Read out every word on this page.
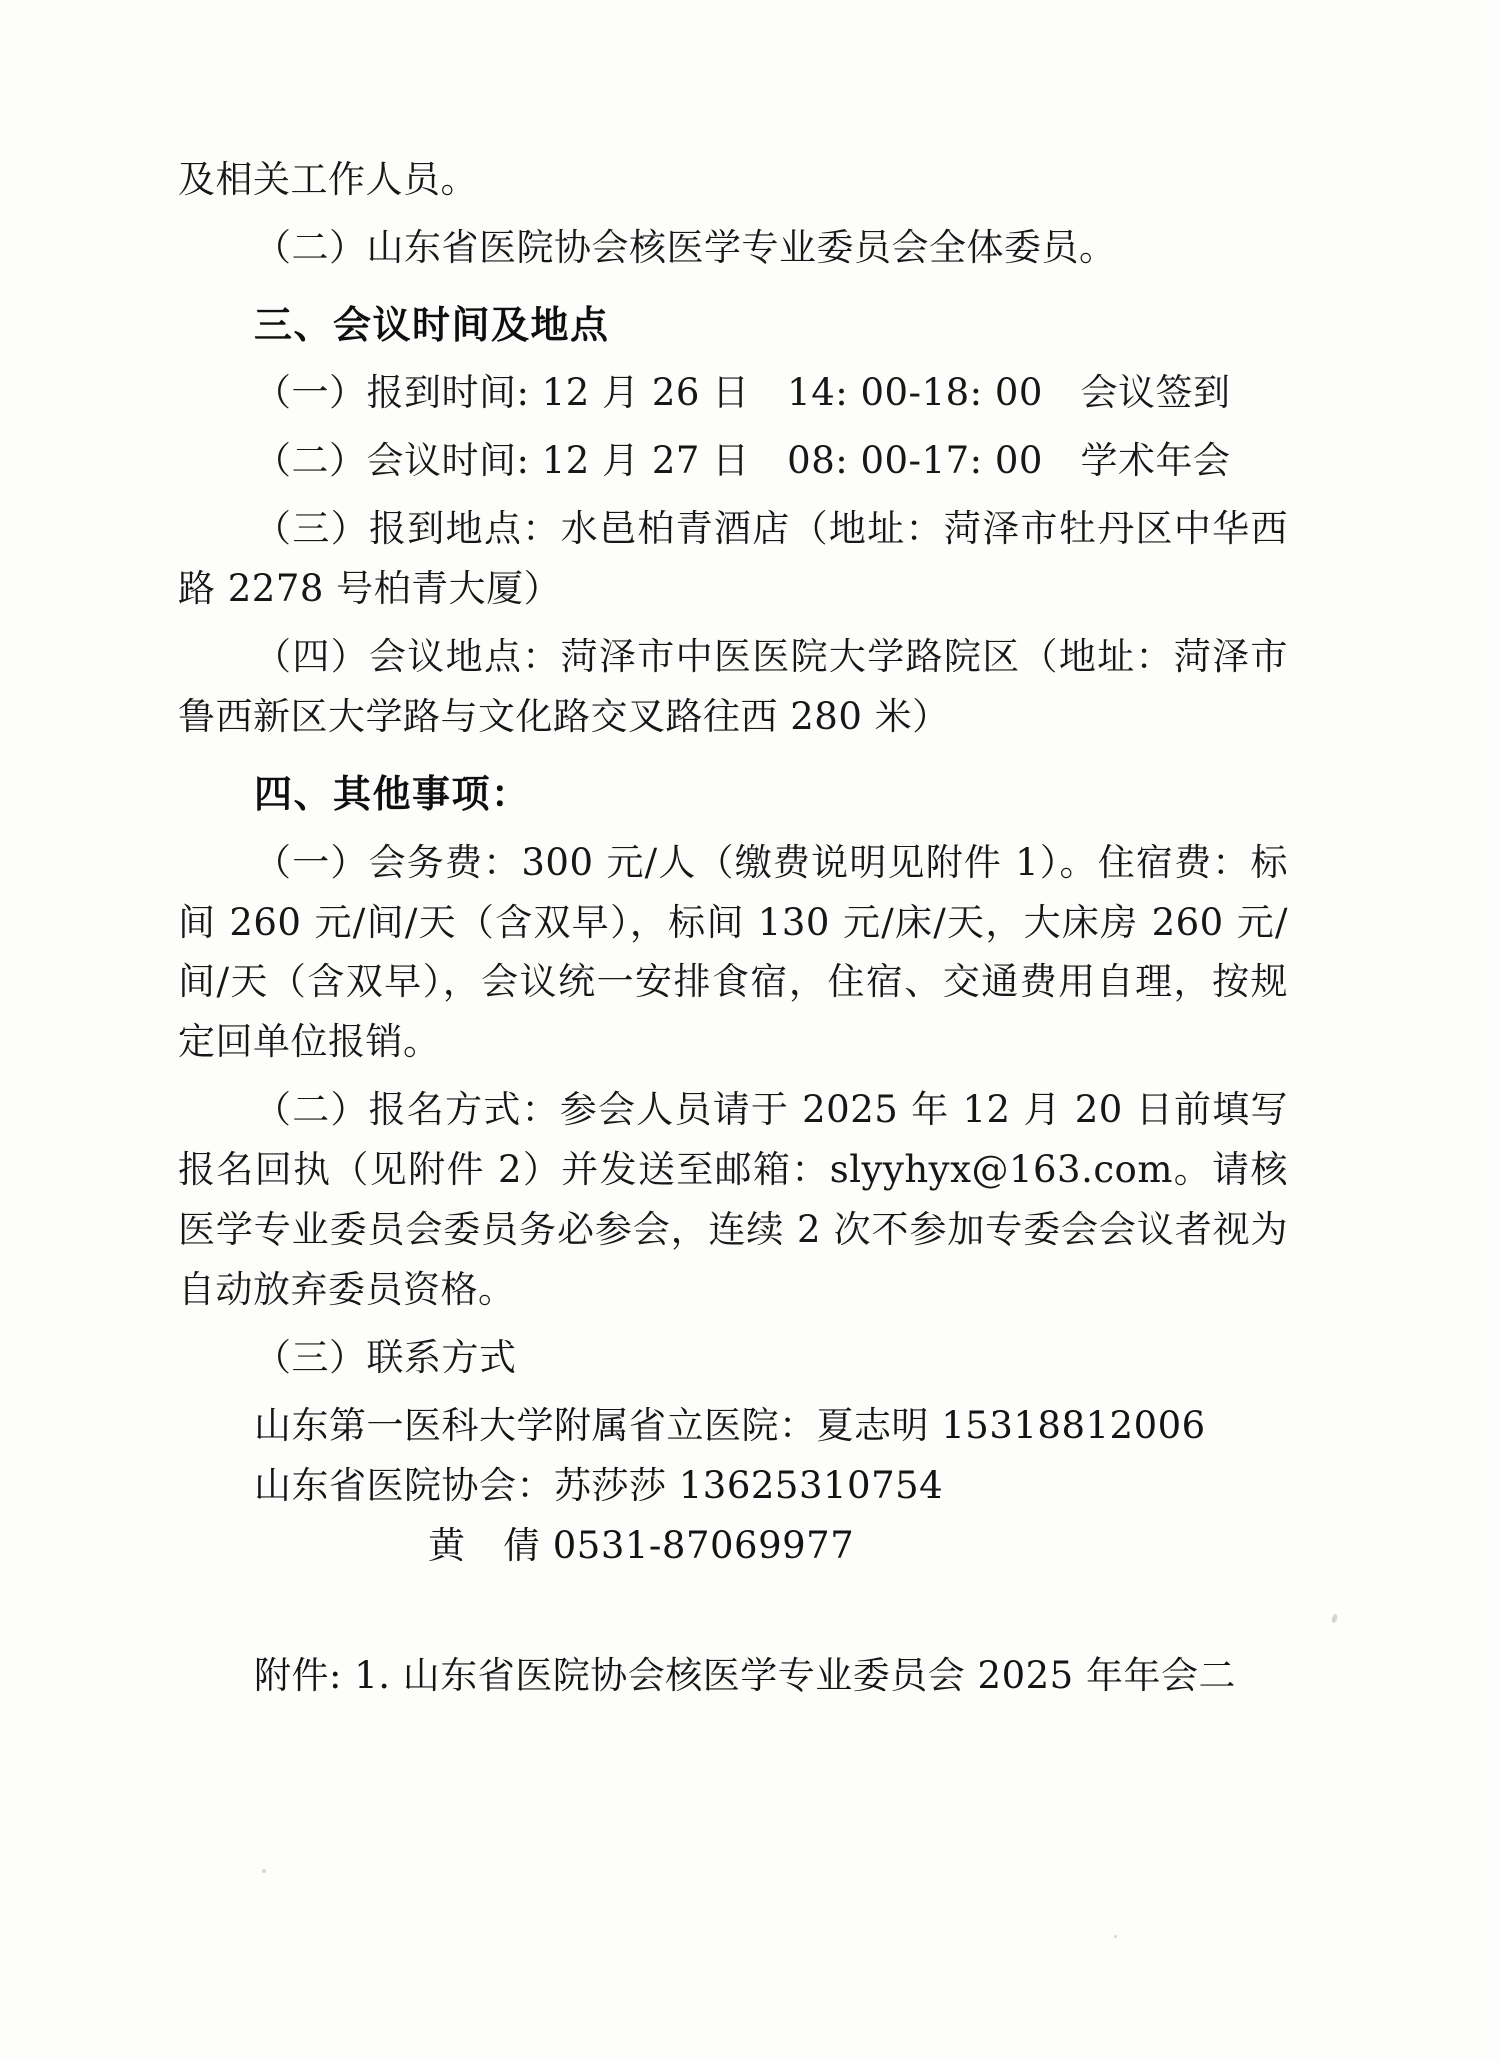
及相关工作人员。

（二）山东省医院协会核医学专业委员会全体委员。

三、会议时间及地点

（一）报到时间: 12 月 26 日　14: 00-18: 00　会议签到

（二）会议时间: 12 月 27 日　08: 00-17: 00　学术年会

（三）报到地点：水邑柏青酒店（地址：菏泽市牡丹区中华西路 2278 号柏青大厦）

（四）会议地点：菏泽市中医医院大学路院区（地址：菏泽市鲁西新区大学路与文化路交叉路往西 280 米）

四、其他事项：

（一）会务费：300 元/人（缴费说明见附件 1）。住宿费：标间 260 元/间/天（含双早），标间 130 元/床/天，大床房 260 元/间/天（含双早），会议统一安排食宿，住宿、交通费用自理，按规定回单位报销。

（二）报名方式：参会人员请于 2025 年 12 月 20 日前填写报名回执（见附件 2）并发送至邮箱：slyyhyx@163.com。请核医学专业委员会委员务必参会，连续 2 次不参加专委会会议者视为自动放弃委员资格。

（三）联系方式

山东第一医科大学附属省立医院：夏志明 15318812006

山东省医院协会：苏莎莎 13625310754

黄　倩 0531-87069977

附件: 1. 山东省医院协会核医学专业委员会 2025 年年会二
